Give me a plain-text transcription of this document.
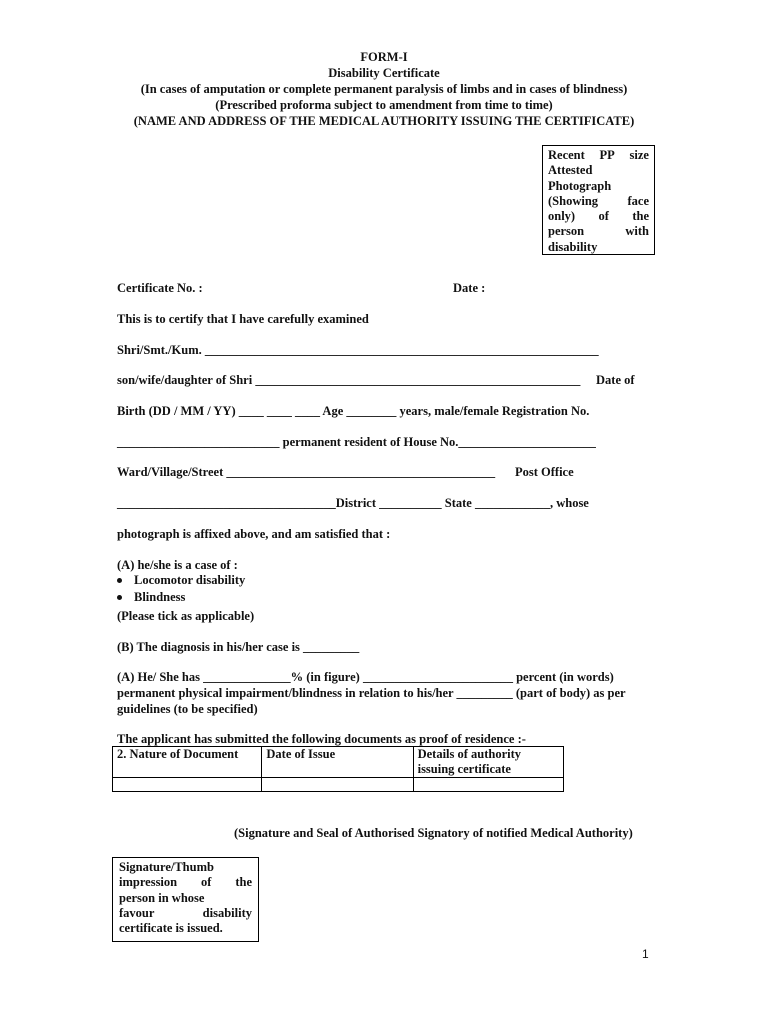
FORM-I
Disability Certificate
(In cases of amputation or complete permanent paralysis of limbs and in cases of blindness)
(Prescribed proforma subject to amendment from time to time)
(NAME AND ADDRESS OF THE MEDICAL AUTHORITY ISSUING THE CERTIFICATE)
Recent PP size
Attested
Photograph
(Showing face
only) of the
person	with
disability
Certificate No. :	Date :
This is to certify that I have carefully examined
Shri/Smt./Kum. _______________________________________________________________
son/wife/daughter of Shri ____________________________________________________ Date of
Birth (DD / MM / YY) ____ ____ ____ Age ________ years, male/female Registration No.
__________________________ permanent resident of House No.______________________
Ward/Village/Street ___________________________________________ Post Office
___________________________________District __________ State ____________, whose
photograph is affixed above, and am satisfied that :
(A) he/she is a case of :
Locomotor disability
Blindness
(Please tick as applicable)
(B) The diagnosis in his/her case is _________
(A) He/ She has ______________% (in figure) ________________________ percent (in words)
permanent physical impairment/blindness in relation to his/her _________ (part of body) as per
guidelines (to be specified)
The applicant has submitted the following documents as proof of residence :-
2. Nature of Document	Date of Issue	Details of authority issuing certificate

(Signature and Seal of Authorised Signatory of notified Medical Authority)
Signature/Thumb
impression of the
person in whose
favour	disability
certificate is issued.
1
